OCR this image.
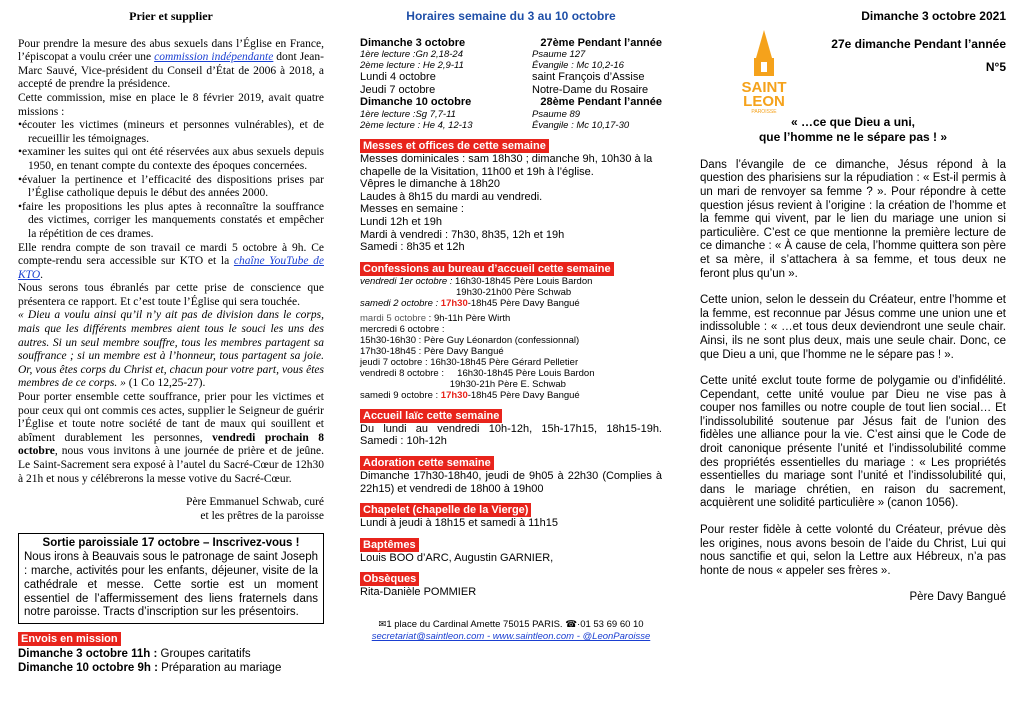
Prier et supplier

Pour prendre la mesure des abus sexuels dans l’Église en France, l’épiscopat a voulu créer une commission indépendante dont Jean-Marc Sauvé, Vice-président du Conseil d’État de 2006 à 2018, a accepté de prendre la présidence.

Cette commission, mise en place le 8 février 2019, avait quatre missions :

•écouter les victimes (mineurs et personnes vulnérables), et de recueillir les témoignages.

•examiner les suites qui ont été réservées aux abus sexuels depuis 1950, en tenant compte du contexte des époques concernées.

•évaluer la pertinence et l’efficacité des dispositions prises par l’Église catholique depuis le début des années 2000.

•faire les propositions les plus aptes à reconnaître la souffrance des victimes, corriger les manquements constatés et empêcher la répétition de ces drames.

Elle rendra compte de son travail ce mardi 5 octobre à 9h. Ce compte-rendu sera accessible sur KTO et la chaîne YouTube de KTO.

Nous serons tous ébranlés par cette prise de conscience que présentera ce rapport. Et c’est toute l’Église qui sera touchée.

« Dieu a voulu ainsi qu’il n’y ait pas de division dans le corps, mais que les différents membres aient tous le souci les uns des autres. Si un seul membre souffre, tous les membres partagent sa souffrance ; si un membre est à l’honneur, tous partagent sa joie. Or, vous êtes corps du Christ et, chacun pour votre part, vous êtes membres de ce corps. » (1 Co 12,25-27).

Pour porter ensemble cette souffrance, prier pour les victimes et pour ceux qui ont commis ces actes, supplier le Seigneur de guérir l’Église et toute notre société de tant de maux qui souillent et abîment durablement les personnes, vendredi prochain 8 octobre, nous vous invitons à une journée de prière et de jeûne. Le Saint-Sacrement sera exposé à l’autel du Sacré-Cœur de 12h30 à 21h et nous y célébrerons la messe votive du Sacré-Cœur.

Père Emmanuel Schwab, curé

et les prêtres de la paroisse

Sortie paroissiale 17 octobre – Inscrivez-vous !
Nous irons à Beauvais sous le patronage de saint Joseph : marche, activités pour les enfants, déjeuner, visite de la cathédrale et messe. Cette sortie est un moment essentiel de l’affermissement des liens fraternels dans notre paroisse. Tracts d’inscription sur les présentoirs.
Envois en mission
Dimanche 3 octobre 11h : Groupes caritatifs
Dimanche 10 octobre 9h : Préparation au mariage
Horaires semaine du 3 au 10 octobre
Dimanche 3 octobre	27ème Pendant l’année
1ère lecture :Gn 2,18-24	Psaume 127
2ème lecture : He 2,9-11	Évangile : Mc 10,2-16
Lundi 4 octobre	saint François d’Assise
Jeudi 7 octobre	Notre-Dame du Rosaire
Dimanche 10 octobre	28ème Pendant l’année
1ère lecture :Sg 7,7-11	Psaume 89
2ème lecture : He 4, 12-13	Évangile : Mc 10,17-30
Messes et offices de cette semaine

Messes dominicales : sam 18h30 ; dimanche 9h, 10h30 à la chapelle de la Visitation, 11h00 et 19h à l’église.

Vêpres le dimanche à 18h20

Laudes à 8h15 du mardi au vendredi.

Messes en semaine :

Lundi 12h et 19h

Mardi à vendredi : 7h30, 8h35, 12h et 19h

Samedi : 8h35 et 12h

Confessions au bureau d’accueil cette semaine

vendredi 1er octobre : 16h30-18h45 Père Louis Bardon

19h30-21h00 Père Schwab

samedi 2 octobre : 17h30-18h45 Père Davy Bangué

mardi 5 octobre : 9h-11h Père Wirth

mercredi 6 octobre :

15h30-16h30 : Père Guy Léonardon (confessionnal)

17h30-18h45 : Père Davy Bangué

jeudi 7 octobre : 16h30-18h45 Père Gérard Pelletier

vendredi 8 octobre :     16h30-18h45 Père Louis Bardon

19h30-21h Père E. Schwab

samedi 9 octobre : 17h30-18h45 Père Davy Bangué

Accueil laïc cette semaine

Du lundi au vendredi 10h-12h, 15h-17h15, 18h15-19h. Samedi : 10h-12h

Adoration cette semaine

Dimanche 17h30-18h40, jeudi de 9h05 à 22h30 (Complies à 22h15) et vendredi de 18h00 à 19h00

Chapelet (chapelle de la Vierge)

Lundi à jeudi à 18h15 et samedi à 11h15

Baptêmes

Louis BOO d’ARC, Augustin GARNIER,

Obsèques

Rita-Danièle POMMIER

✉1 place du Cardinal Amette 75015 PARIS. ☎·01 53 69 60 10
secretariat@saintleon.com - www.saintleon.com - @LeonParoisse
SAINT
LEON
PAROISSE
Dimanche 3 octobre 2021
27e dimanche Pendant l’année
N°5
« …ce que Dieu a uni,
que l’homme ne le sépare pas ! »

Dans l’évangile de ce dimanche, Jésus répond à la question des pharisiens sur la répudiation : « Est-il permis à un mari de renvoyer sa femme ? ». Pour répondre à cette question jésus revient à l’origine : la création de l’homme et la femme qui vivent, par le lien du mariage une union si particulière. C’est ce que mentionne la première lecture de ce dimanche : « À cause de cela, l’homme quittera son père et sa mère, il s’attachera à sa femme, et tous deux ne feront plus qu’un ».

Cette union, selon le dessein du Créateur, entre l’homme et la femme, est reconnue par Jésus comme une union une et indissoluble : « …et tous deux deviendront une seule chair. Ainsi, ils ne sont plus deux, mais une seule chair. Donc, ce que Dieu a uni, que l’homme ne le sépare pas ! ».

Cette unité exclut toute forme de polygamie ou d’infidélité. Cependant, cette unité voulue par Dieu ne vise pas à couper nos familles ou notre couple de tout lien social… Et l’indissolubilité soutenue par Jésus fait de l’union des fidèles une alliance pour la vie. C’est ainsi que le Code de droit canonique présente l’unité et l’indissolubilité comme des propriétés essentielles du mariage : « Les propriétés essentielles du mariage sont l’unité et l’indissolubilité qui, dans le mariage chrétien, en raison du sacrement, acquièrent une solidité particulière » (canon 1056).

Pour rester fidèle à cette volonté du Créateur, prévue dès les origines, nous avons besoin de l’aide du Christ, Lui qui nous sanctifie et qui, selon la Lettre aux Hébreux, n’a pas honte de nous « appeler ses frères ».

Père Davy Bangué
